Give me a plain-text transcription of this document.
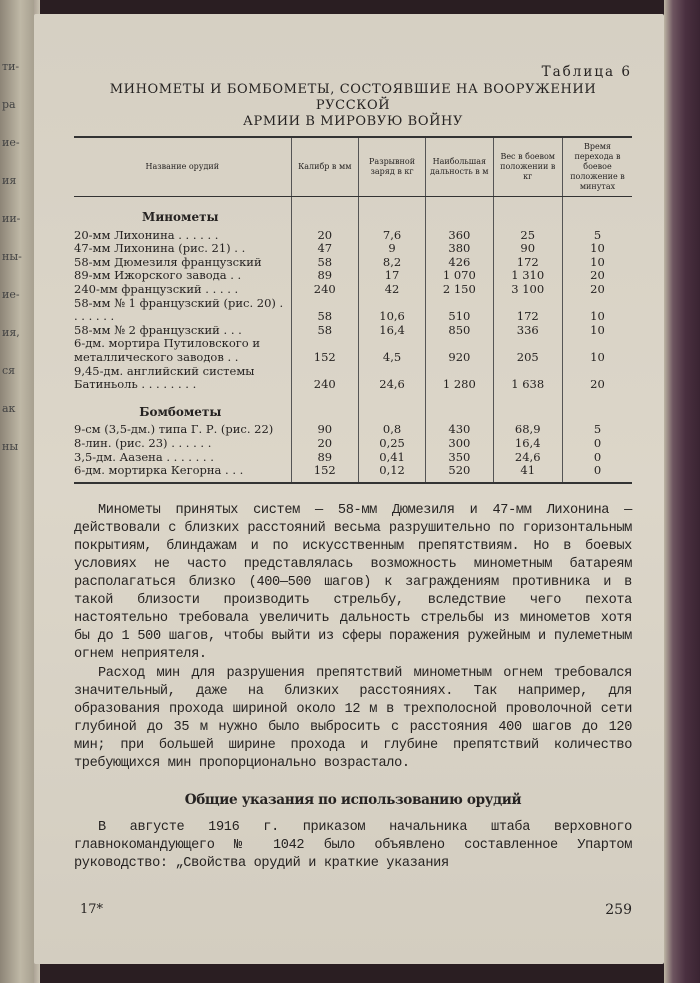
ти-
ра
ие-
ия
ии-
ны-
ие-
ия,
ся
ак
ны
Таблица 6
МИНОМЕТЫ И БОМБОМЕТЫ, СОСТОЯВШИЕ НА ВООРУЖЕНИИ РУССКОЙ
АРМИИ В МИРОВУЮ ВОЙНУ
Название орудий	Калибр в мм	Разрывной заряд в кг	Наибольшая дальность в м	Вес в боевом положении в кг	Время перехода в боевое положение в минутах
Минометы					
20-мм Лихонина . . . . . .	20	7,6	360	25	5
47-мм Лихонина (рис. 21) . .	47	9	380	90	10
58-мм Дюмезиля французский	58	8,2	426	172	10
89-мм Ижорского завода . .	89	17	1 070	1 310	20
240-мм французский . . . . .	240	42	2 150	3 100	20
58-мм № 1 французский (рис. 20) . . . . . . .	58	10,6	510	172	10
58-мм № 2 французский . . .	58	16,4	850	336	10
6-дм. мортира Путиловского и металлического заводов . .	152	4,5	920	205	10
9,45-дм. английский системы Батиньоль . . . . . . . .	240	24,6	1 280	1 638	20
Бомбометы					
9-см (3,5-дм.) типа Г. Р. (рис. 22)	90	0,8	430	68,9	5
8-лин. (рис. 23) . . . . . .	20	0,25	300	16,4	0
3,5-дм. Аазена . . . . . . .	89	0,41	350	24,6	0
6-дм. мортирка Кегорна . . .	152	0,12	520	41	0

Минометы принятых систем — 58-мм Дюмезиля и 47-мм Лихонина — действовали с близких расстояний весьма разрушительно по горизонтальным покрытиям, блиндажам и по искусственным препятствиям. Но в боевых условиях не часто представлялась возможность минометным батареям располагаться близко (400—500 шагов) к заграждениям противника и в такой близости производить стрельбу, вследствие чего пехота настоятельно требовала увеличить дальность стрельбы из минометов хотя бы до 1 500 шагов, чтобы выйти из сферы поражения ружейным и пулеметным огнем неприятеля.

Расход мин для разрушения препятствий минометным огнем требовался значительный, даже на близких расстояниях. Так например, для образования прохода шириной около 12 м в трехполосной проволочной сети глубиной до 35 м нужно было выбросить с расстояния 400 шагов до 120 мин; при большей ширине прохода и глубине препятствий количество требующихся мин пропорционально возрастало.

Общие указания по использованию орудий

В августе 1916 г. приказом начальника штаба верховного главнокомандующего № 1042 было объявлено составленное Упартом руководство: „Свойства орудий и краткие указания

17*	259
